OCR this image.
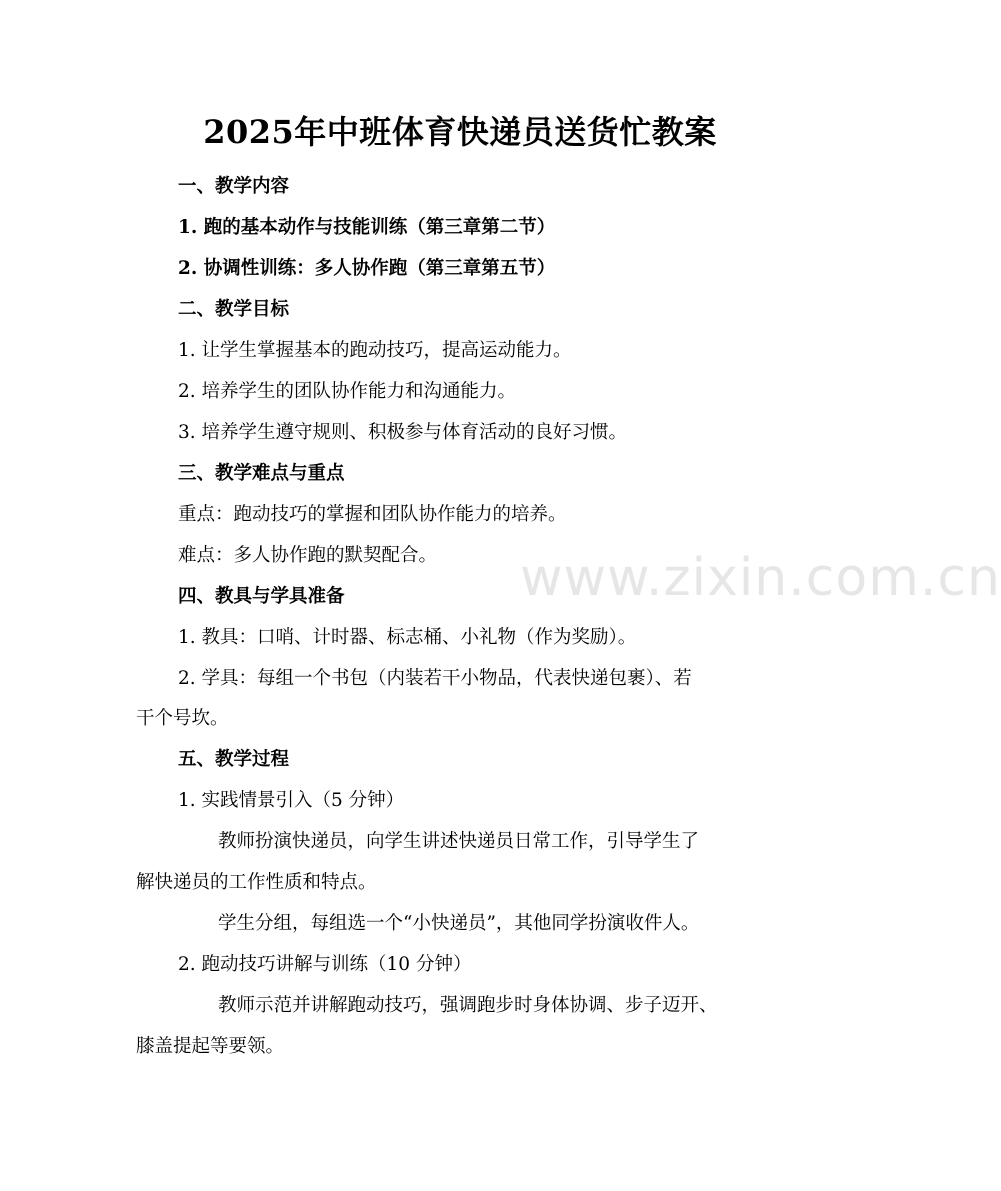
www.zixin.com.cn
2025年中班体育快递员送货忙教案
一、教学内容
1. 跑的基本动作与技能训练（第三章第二节）
2. 协调性训练：多人协作跑（第三章第五节）
二、教学目标
1. 让学生掌握基本的跑动技巧，提高运动能力。
2. 培养学生的团队协作能力和沟通能力。
3. 培养学生遵守规则、积极参与体育活动的良好习惯。
三、教学难点与重点
重点：跑动技巧的掌握和团队协作能力的培养。
难点：多人协作跑的默契配合。
四、教具与学具准备
1. 教具：口哨、计时器、标志桶、小礼物（作为奖励）。
2. 学具：每组一个书包（内装若干小物品，代表快递包裹）、若
干个号坎。
五、教学过程
1. 实践情景引入（5 分钟）
教师扮演快递员，向学生讲述快递员日常工作，引导学生了
解快递员的工作性质和特点。
学生分组，每组选一个“小快递员”，其他同学扮演收件人。
2. 跑动技巧讲解与训练（10 分钟）
教师示范并讲解跑动技巧，强调跑步时身体协调、步子迈开、
膝盖提起等要领。
